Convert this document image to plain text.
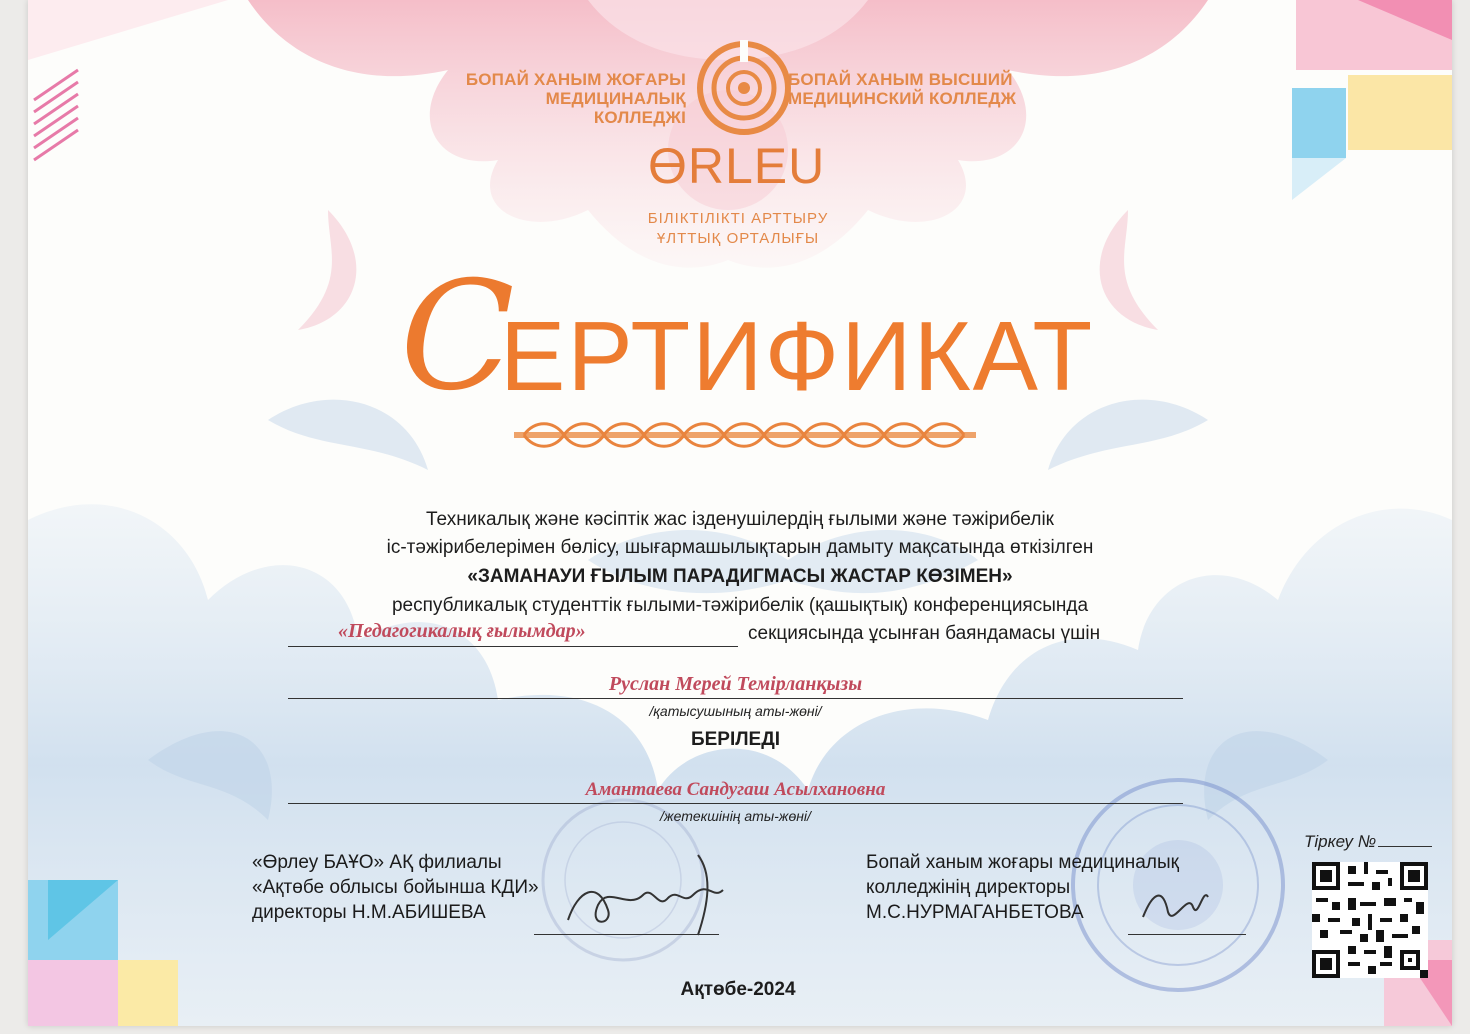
БОПАЙ ХАНЫМ ЖОҒАРЫ
МЕДИЦИНАЛЫҚ КОЛЛЕДЖІ
БОПАЙ ХАНЫМ ВЫСШИЙ
МЕДИЦИНСКИЙ КОЛЛЕДЖ
ӨRLEU
БІЛІКТІЛІКТІ АРТТЫРУ
ҰЛТТЫҚ ОРТАЛЫҒЫ
С
ЕРТИФИКАТ
Техникалық және кәсіптік жас ізденушілердің ғылыми және тәжірибелік
іс-тәжірибелерімен бөлісу, шығармашылықтарын дамыту мақсатында өткізілген
«ЗАМАНАУИ ҒЫЛЫМ ПАРАДИГМАСЫ ЖАСТАР КӨЗІМЕН»
республикалық студенттік ғылыми-тәжірибелік (қашықтық) конференциясында
«Педагогикалық ғылымдар»	секциясында ұсынған баяндамасы үшін
Руслан Мерей Темірланқызы
/қатысушының аты-жөні/
БЕРІЛЕДІ
Амантаева Сандугаш Асылхановна
/жетекшінің аты-жөні/
«Өрлеу БАҰО» АҚ филиалы
«Ақтөбе облысы бойынша КДИ»
директоры Н.М.АБИШЕВА
Бопай ханым жоғары медициналық
колледжінің директоры
М.С.НУРМАГАНБЕТОВА
Тіркеу №
Ақтөбе-2024
